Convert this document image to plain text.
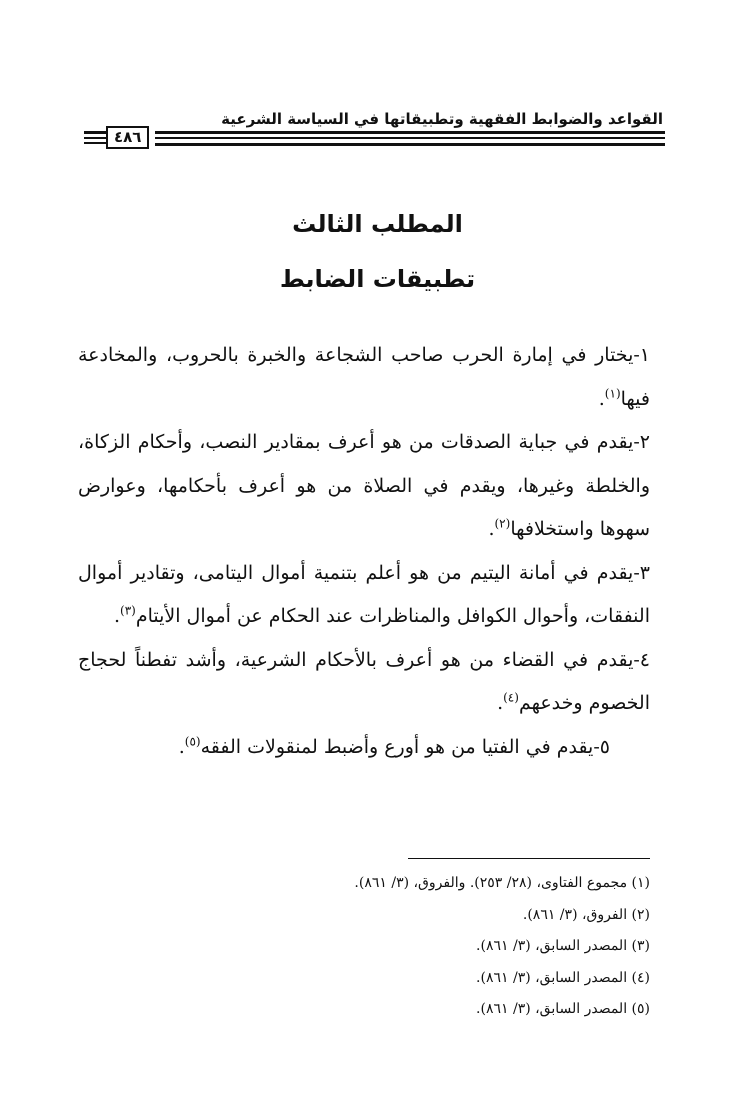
القواعد والضوابط الفقهية وتطبيقاتها في السياسة الشرعية
٤٨٦
المطلب الثالث
تطبيقات الضابط

١-يختار في إمارة الحرب صاحب الشجاعة والخبرة بالحروب، والمخادعة فيها$^{(١)}$.

٢-يقدم في جباية الصدقات من هو أعرف بمقادير النصب، وأحكام الزكاة، والخلطة وغيرها، ويقدم في الصلاة من هو أعرف بأحكامها، وعوارض سهوها واستخلافها$^{(٢)}$.

٣-يقدم في أمانة اليتيم من هو أعلم بتنمية أموال اليتامى، وتقادير أموال النفقات، وأحوال الكوافل والمناظرات عند الحكام عن أموال الأيتام$^{(٣)}$.

٤-يقدم في القضاء من هو أعرف بالأحكام الشرعية، وأشد تفطناً لحجاج الخصوم وخدعهم$^{(٤)}$.

٥-يقدم في الفتيا من هو أورع وأضبط لمنقولات الفقه$^{(٥)}$.

(١) مجموع الفتاوى، (٢٨/ ٢٥٣). والفروق، (٣/ ٨٦١).
(٢) الفروق، (٣/ ٨٦١).
(٣) المصدر السابق، (٣/ ٨٦١).
(٤) المصدر السابق، (٣/ ٨٦١).
(٥) المصدر السابق، (٣/ ٨٦١).
